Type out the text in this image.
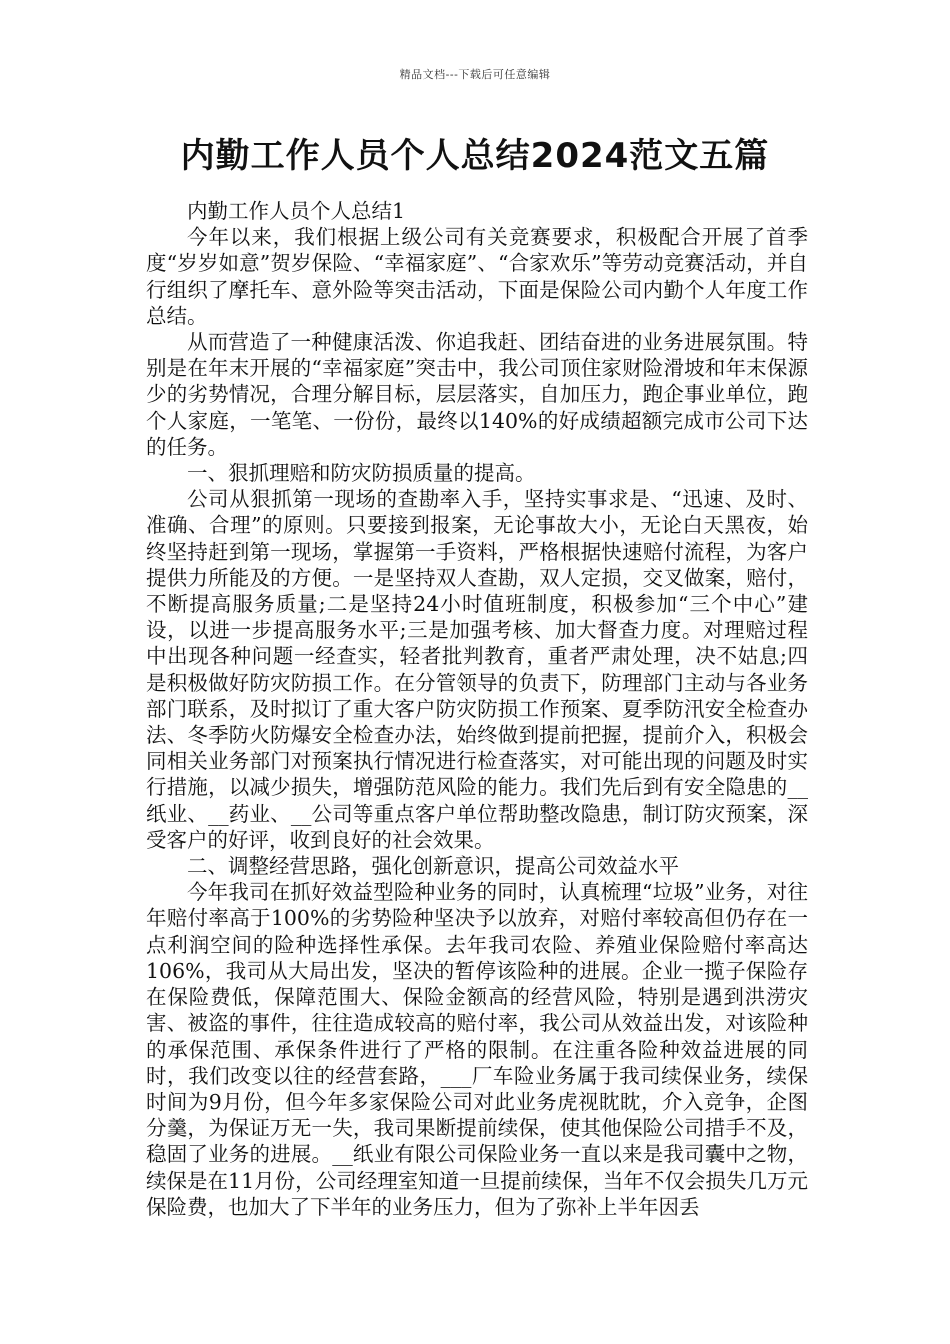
精品文档---下载后可任意编辑
内勤工作人员个人总结2024范文五篇

内勤工作人员个人总结1

今年以来，我们根据上级公司有关竞赛要求，积极配合开展了首季度“岁岁如意”贺岁保险、“幸福家庭”、“合家欢乐”等劳动竞赛活动，并自行组织了摩托车、意外险等突击活动，下面是保险公司内勤个人年度工作总结。

从而营造了一种健康活泼、你追我赶、团结奋进的业务进展氛围。特别是在年末开展的“幸福家庭”突击中，我公司顶住家财险滑坡和年末保源少的劣势情况，合理分解目标，层层落实，自加压力，跑企事业单位，跑个人家庭，一笔笔、一份份，最终以140%的好成绩超额完成市公司下达的任务。

一、狠抓理赔和防灾防损质量的提高。

公司从狠抓第一现场的查勘率入手，坚持实事求是、“迅速、及时、准确、合理”的原则。只要接到报案，无论事故大小，无论白天黑夜，始终坚持赶到第一现场，掌握第一手资料，严格根据快速赔付流程，为客户提供力所能及的方便。一是坚持双人查勘，双人定损，交叉做案，赔付，不断提高服务质量;二是坚持24小时值班制度，积极参加“三个中心”建设，以进一步提高服务水平;三是加强考核、加大督查力度。对理赔过程中出现各种问题一经查实，轻者批判教育，重者严肃处理，决不姑息;四是积极做好防灾防损工作。在分管领导的负责下，防理部门主动与各业务部门联系，及时拟订了重大客户防灾防损工作预案、夏季防汛安全检查办法、冬季防火防爆安全检查办法，始终做到提前把握，提前介入，积极会同相关业务部门对预案执行情况进行检查落实，对可能出现的问题及时实行措施，以减少损失，增强防范风险的能力。我们先后到有安全隐患的__纸业、__药业、__公司等重点客户单位帮助整改隐患，制订防灾预案，深受客户的好评，收到良好的社会效果。

二、调整经营思路，强化创新意识，提高公司效益水平

今年我司在抓好效益型险种业务的同时，认真梳理“垃圾”业务，对往年赔付率高于100%的劣势险种坚决予以放弃，对赔付率较高但仍存在一点利润空间的险种选择性承保。去年我司农险、养殖业保险赔付率高达106%，我司从大局出发，坚决的暂停该险种的进展。企业一揽子保险存在保险费低，保障范围大、保险金额高的经营风险，特别是遇到洪涝灾害、被盗的事件，往往造成较高的赔付率，我公司从效益出发，对该险种的承保范围、承保条件进行了严格的限制。在注重各险种效益进展的同时，我们改变以往的经营套路，___厂车险业务属于我司续保业务，续保时间为9月份，但今年多家保险公司对此业务虎视眈眈，介入竞争，企图分羹，为保证万无一失，我司果断提前续保，使其他保险公司措手不及，稳固了业务的进展。__纸业有限公司保险业务一直以来是我司囊中之物，续保是在11月份，公司经理室知道一旦提前续保，当年不仅会损失几万元保险费，也加大了下半年的业务压力，但为了弥补上半年因丢
